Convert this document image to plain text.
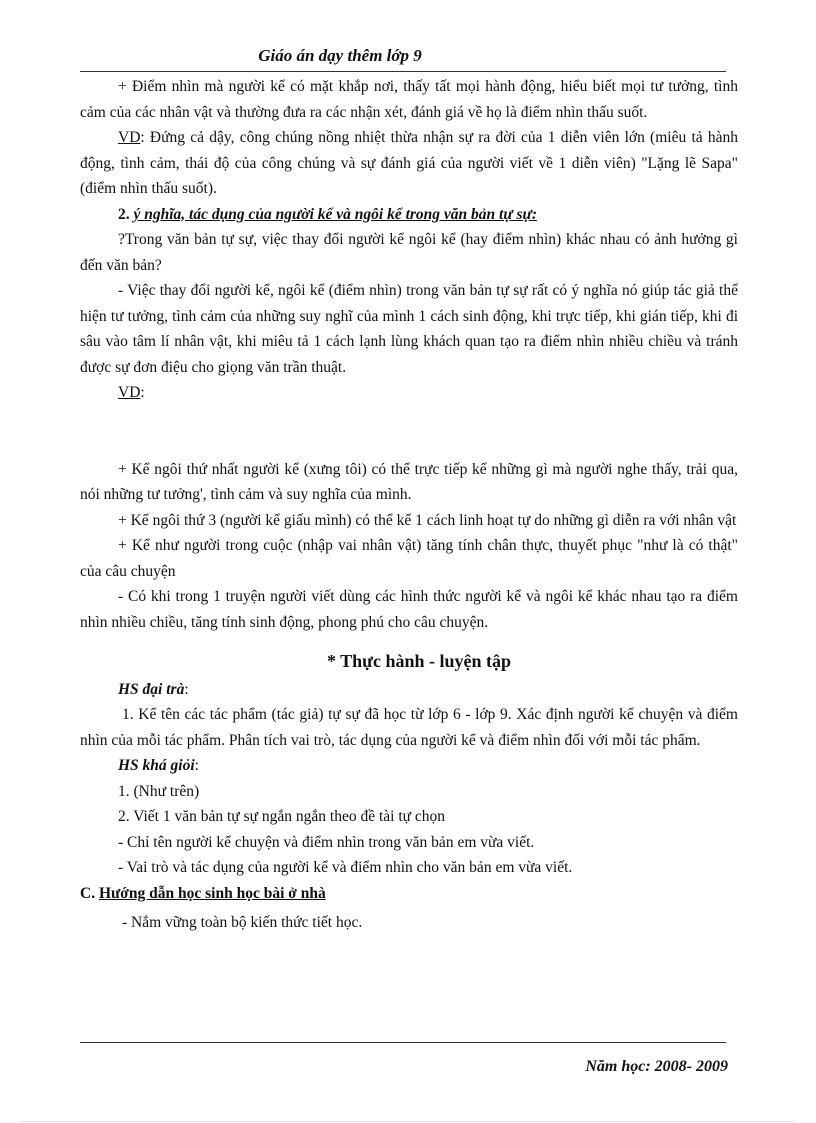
Giáo án dạy thêm lớp 9

+ Điểm nhìn mà người kể có mặt khắp nơi, thấy tất mọi hành động, hiểu biết mọi tư tưởng, tình cảm của các nhân vật và thường đưa ra các nhận xét, đánh giá về họ là điểm nhìn thấu suốt.

VD: Đứng cả dậy, công chúng nồng nhiệt thừa nhận sự ra đời của 1 diễn viên lớn (miêu tả hành động, tình cảm, thái độ của công chúng và sự đánh giá của người viết về 1 diễn viên) "Lặng lẽ Sapa" (điểm nhìn thấu suốt).

2. ý nghĩa, tác dụng của người kể và ngôi kể trong văn bản tự sự:

?Trong văn bản tự sự, việc thay đổi người kể ngôi kể (hay điểm nhìn) khác nhau có ảnh hưởng gì đến văn bản?

- Việc thay đổi người kể, ngôi kể (điểm nhìn) trong văn bản tự sự rất có ý nghĩa nó giúp tác giả thể hiện tư tưởng, tình cảm của những suy nghĩ của mình 1 cách sinh động, khi trực tiếp, khi gián tiếp, khi đi sâu vào tâm lí nhân vật, khi miêu tả 1 cách lạnh lùng khách quan tạo ra điểm nhìn nhiều chiều và tránh được sự đơn điệu cho giọng văn trần thuật.

VD:

+ Kể ngôi thứ nhất người kể (xưng tôi) có thể trực tiếp kể những gì mà người nghe thấy, trải qua, nói những tư tưởng', tình cảm và suy nghĩa của mình.

+ Kể ngôi thứ 3 (người kể giấu mình) có thể kể 1 cách linh hoạt tự do những gì diễn ra với nhân vật

+ Kể như người trong cuộc (nhập vai nhân vật) tăng tính chân thực, thuyết phục "như là có thật" của câu chuyện

- Có khi trong 1 truyện người viết dùng các hình thức người kể và ngôi kể khác nhau tạo ra điểm nhìn nhiều chiều, tăng tính sinh động, phong phú cho câu chuyện.

* Thực hành - luyện tập

HS đại trà:

1. Kể tên các tác phẩm (tác giả) tự sự đã học từ lớp 6 - lớp 9. Xác định người kể chuyện và điểm nhìn của mỗi tác phẩm. Phân tích vai trò, tác dụng của người kể và điểm nhìn đối với mỗi tác phẩm.

HS khá giỏi:

1. (Như trên)

2. Viết 1 văn bản tự sự ngắn ngắn theo đề tài tự chọn

- Chỉ tên người kể chuyện và điểm nhìn trong văn bản em vừa viết.

- Vai trò và tác dụng của người kể và điểm nhìn cho văn bản em vừa viết.

C. Hướng dẫn học sinh học bài ở nhà

- Nắm vững toàn bộ kiến thức tiết học.

Năm học: 2008- 2009
